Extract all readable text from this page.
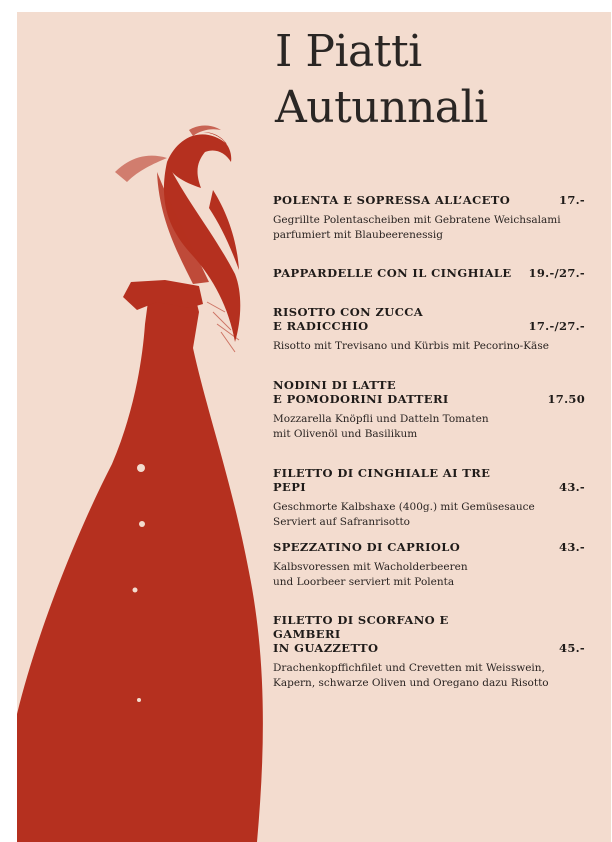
I Piatti
Autunnali
POLENTA E SOPRESSA ALL’ACETO	17.-
Gegrillte Polentascheiben mit Gebratene Weichsalami
parfumiert mit Blaubeerenessig
PAPPARDELLE CON IL CINGHIALE	19.-/27.-
RISOTTO CON ZUCCA
E RADICCHIO	17.-/27.-
Risotto mit Trevisano und Kürbis mit Pecorino-Käse
NODINI DI LATTE
E POMODORINI DATTERI	17.50
Mozzarella Knöpfli und Datteln Tomaten
mit Olivenöl und Basilikum
FILETTO DI CINGHIALE AI TRE PEPI	43.-
Geschmorte Kalbshaxe (400g.) mit Gemüsesauce
Serviert auf Safranrisotto
SPEZZATINO DI CAPRIOLO	43.-
Kalbsvoressen mit Wacholderbeeren
und Loorbeer serviert mit Polenta
FILETTO DI SCORFANO E GAMBERI
IN GUAZZETTO	45.-
Drachenkopffichfilet und Crevetten mit Weisswein,
Kapern, schwarze Oliven und Oregano dazu Risotto
